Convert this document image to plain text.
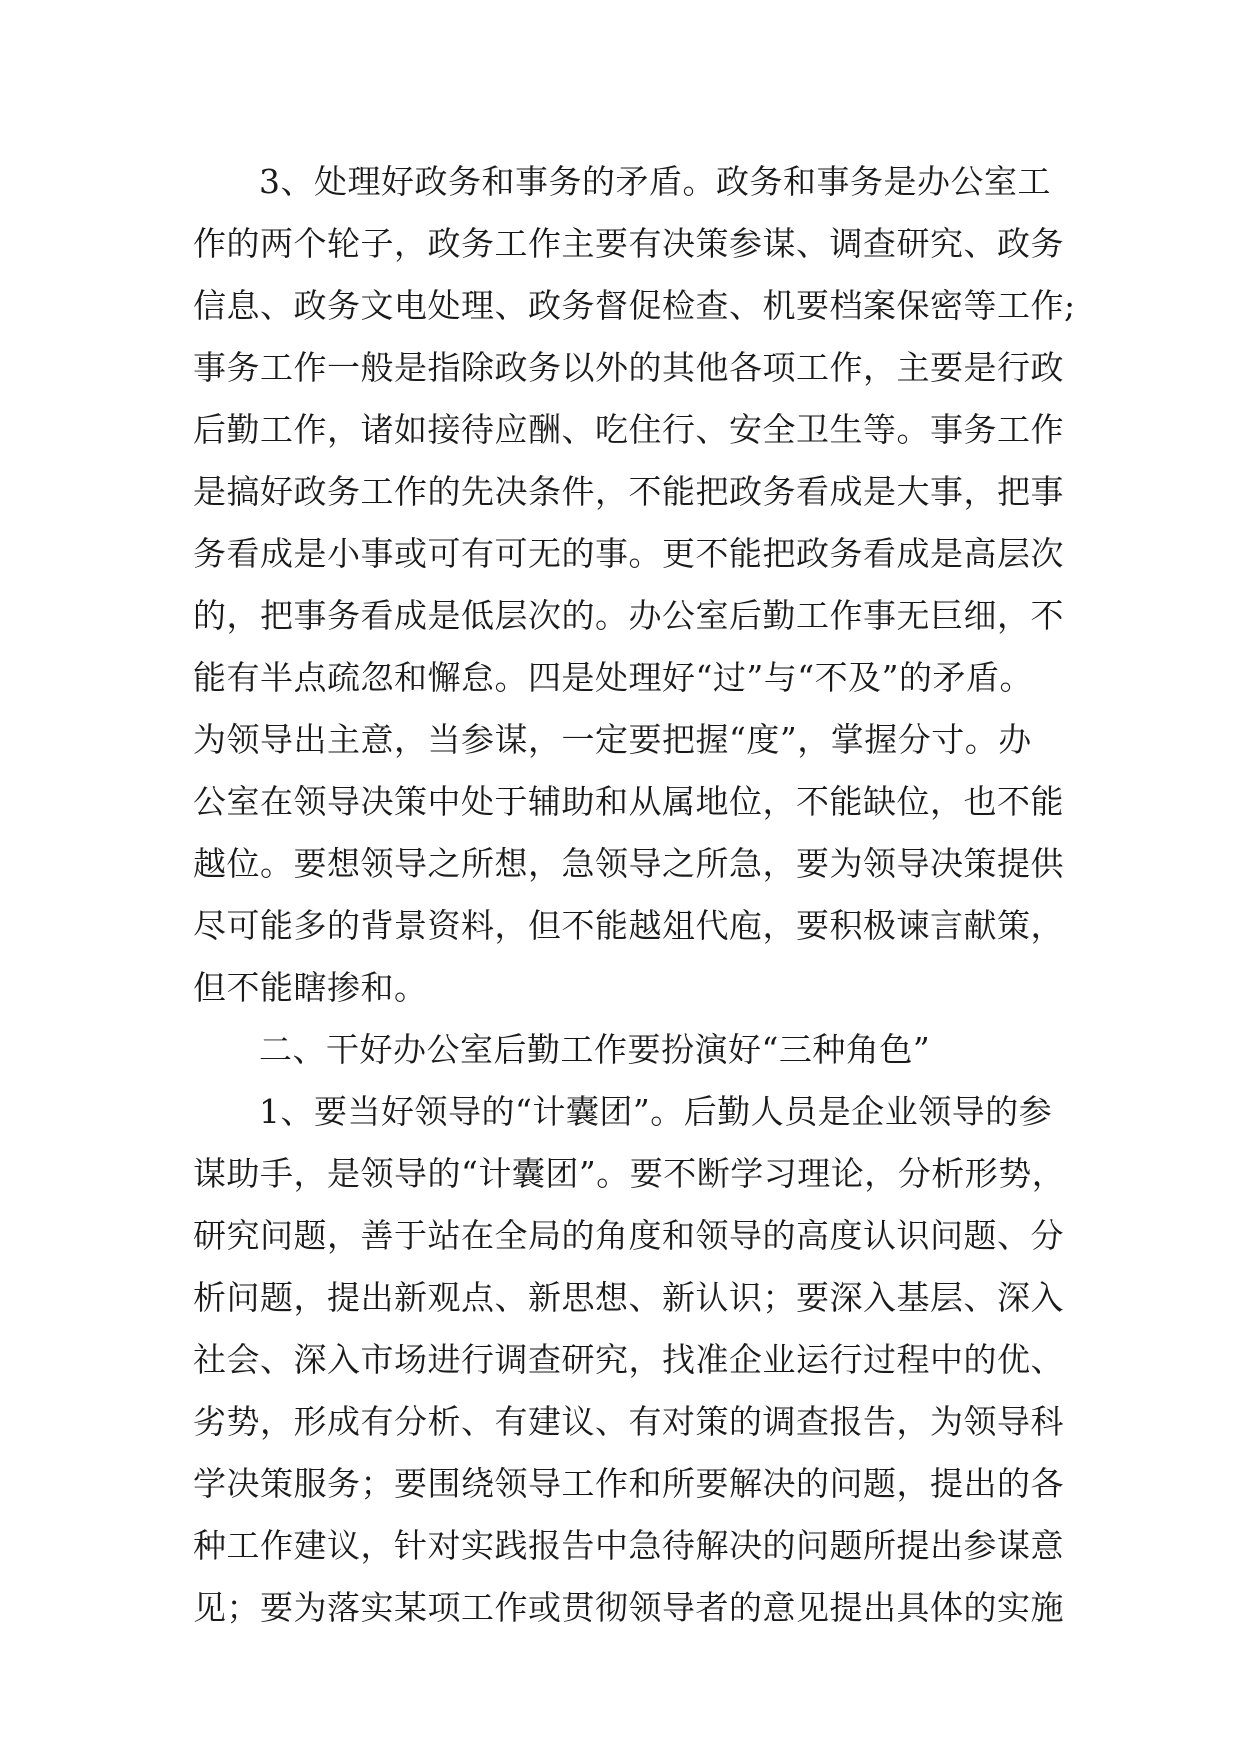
3、处理好政务和事务的矛盾。政务和事务是办公室工
作的两个轮子，政务工作主要有决策参谋、调查研究、政务
信息、政务文电处理、政务督促检查、机要档案保密等工作;
事务工作一般是指除政务以外的其他各项工作，主要是行政
后勤工作，诸如接待应酬、吃住行、安全卫生等。事务工作
是搞好政务工作的先决条件，不能把政务看成是大事，把事
务看成是小事或可有可无的事。更不能把政务看成是高层次
的，把事务看成是低层次的。办公室后勤工作事无巨细，不
能有半点疏忽和懈怠。四是处理好“过”与“不及”的矛盾。
为领导出主意，当参谋，一定要把握“度”，掌握分寸。办
公室在领导决策中处于辅助和从属地位，不能缺位，也不能
越位。要想领导之所想，急领导之所急，要为领导决策提供
尽可能多的背景资料，但不能越俎代庖，要积极谏言献策，
但不能瞎掺和。
二、干好办公室后勤工作要扮演好“三种角色”
1、要当好领导的“计囊团”。后勤人员是企业领导的参
谋助手，是领导的“计囊团”。要不断学习理论，分析形势，
研究问题，善于站在全局的角度和领导的高度认识问题、分
析问题，提出新观点、新思想、新认识；要深入基层、深入
社会、深入市场进行调查研究，找准企业运行过程中的优、
劣势，形成有分析、有建议、有对策的调查报告，为领导科
学决策服务；要围绕领导工作和所要解决的问题，提出的各
种工作建议，针对实践报告中急待解决的问题所提出参谋意
见；要为落实某项工作或贯彻领导者的意见提出具体的实施
